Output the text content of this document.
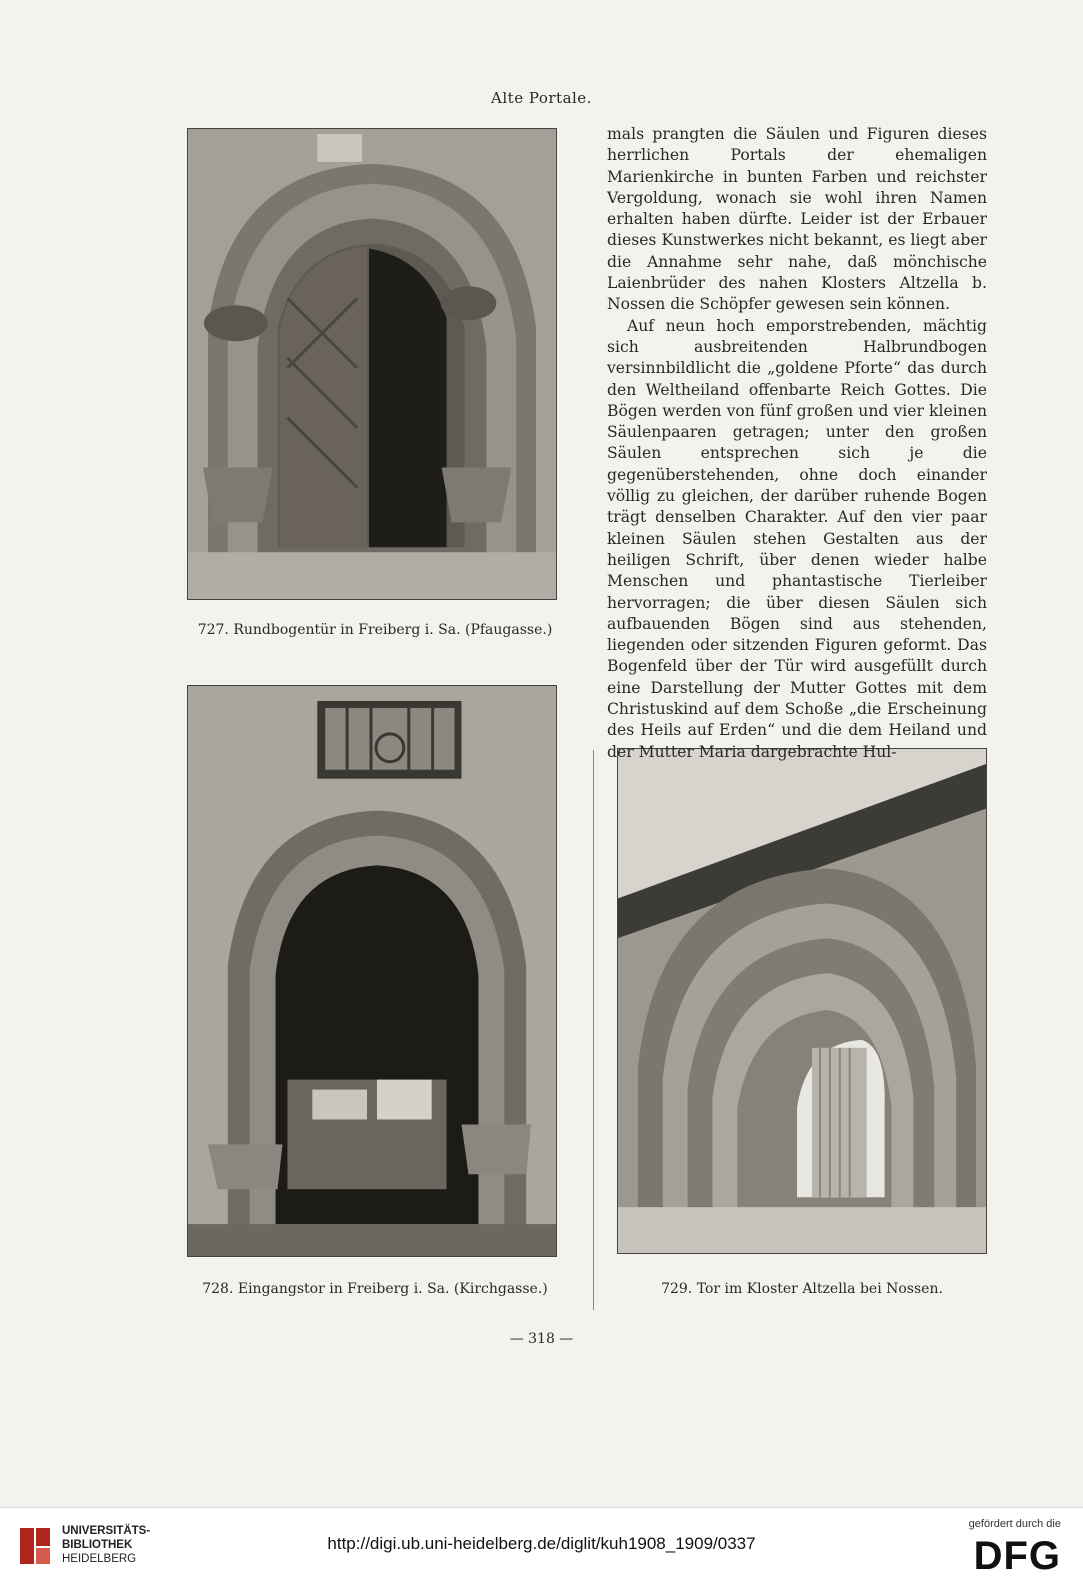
Alte Portale.
727. Rundbogentür in Freiberg i. Sa. (Pfaugasse.)
728. Eingangstor in Freiberg i. Sa. (Kirchgasse.)	729. Tor im Kloster Altzella bei Nossen.

mals prangten die Säulen und Figuren dieses herrlichen Portals der ehemaligen Marienkirche in bunten Farben und reichster Vergoldung, wonach sie wohl ihren Namen erhalten haben dürfte. Leider ist der Erbauer dieses Kunstwerkes nicht bekannt, es liegt aber die Annahme sehr nahe, daß mönchische Laienbrüder des nahen Klosters Altzella b. Nossen die Schöpfer gewesen sein können.

Auf neun hoch emporstrebenden, mächtig sich ausbreitenden Halbrundbogen versinnbildlicht die „goldene Pforte“ das durch den Weltheiland offenbarte Reich Gottes. Die Bögen werden von fünf großen und vier kleinen Säulenpaaren getragen; unter den großen Säulen entsprechen sich je die gegenüberstehenden, ohne doch einander völlig zu gleichen, der darüber ruhende Bogen trägt denselben Charakter. Auf den vier paar kleinen Säulen stehen Gestalten aus der heiligen Schrift, über denen wieder halbe Menschen und phantastische Tierleiber hervorragen; die über diesen Säulen sich aufbauenden Bögen sind aus stehenden, liegenden oder sitzenden Figuren geformt. Das Bogenfeld über der Tür wird ausgefüllt durch eine Darstellung der Mutter Gottes mit dem Christuskind auf dem Schoße „die Erscheinung des Heils auf Erden“ und die dem Heiland und der Mutter Maria dargebrachte Hul-

— 318 —
UNIVERSITÄTS-
BIBLIOTHEK
HEIDELBERG
http://digi.ub.uni-heidelberg.de/diglit/kuh1908_1909/0337
gefördert durch die
DFG
